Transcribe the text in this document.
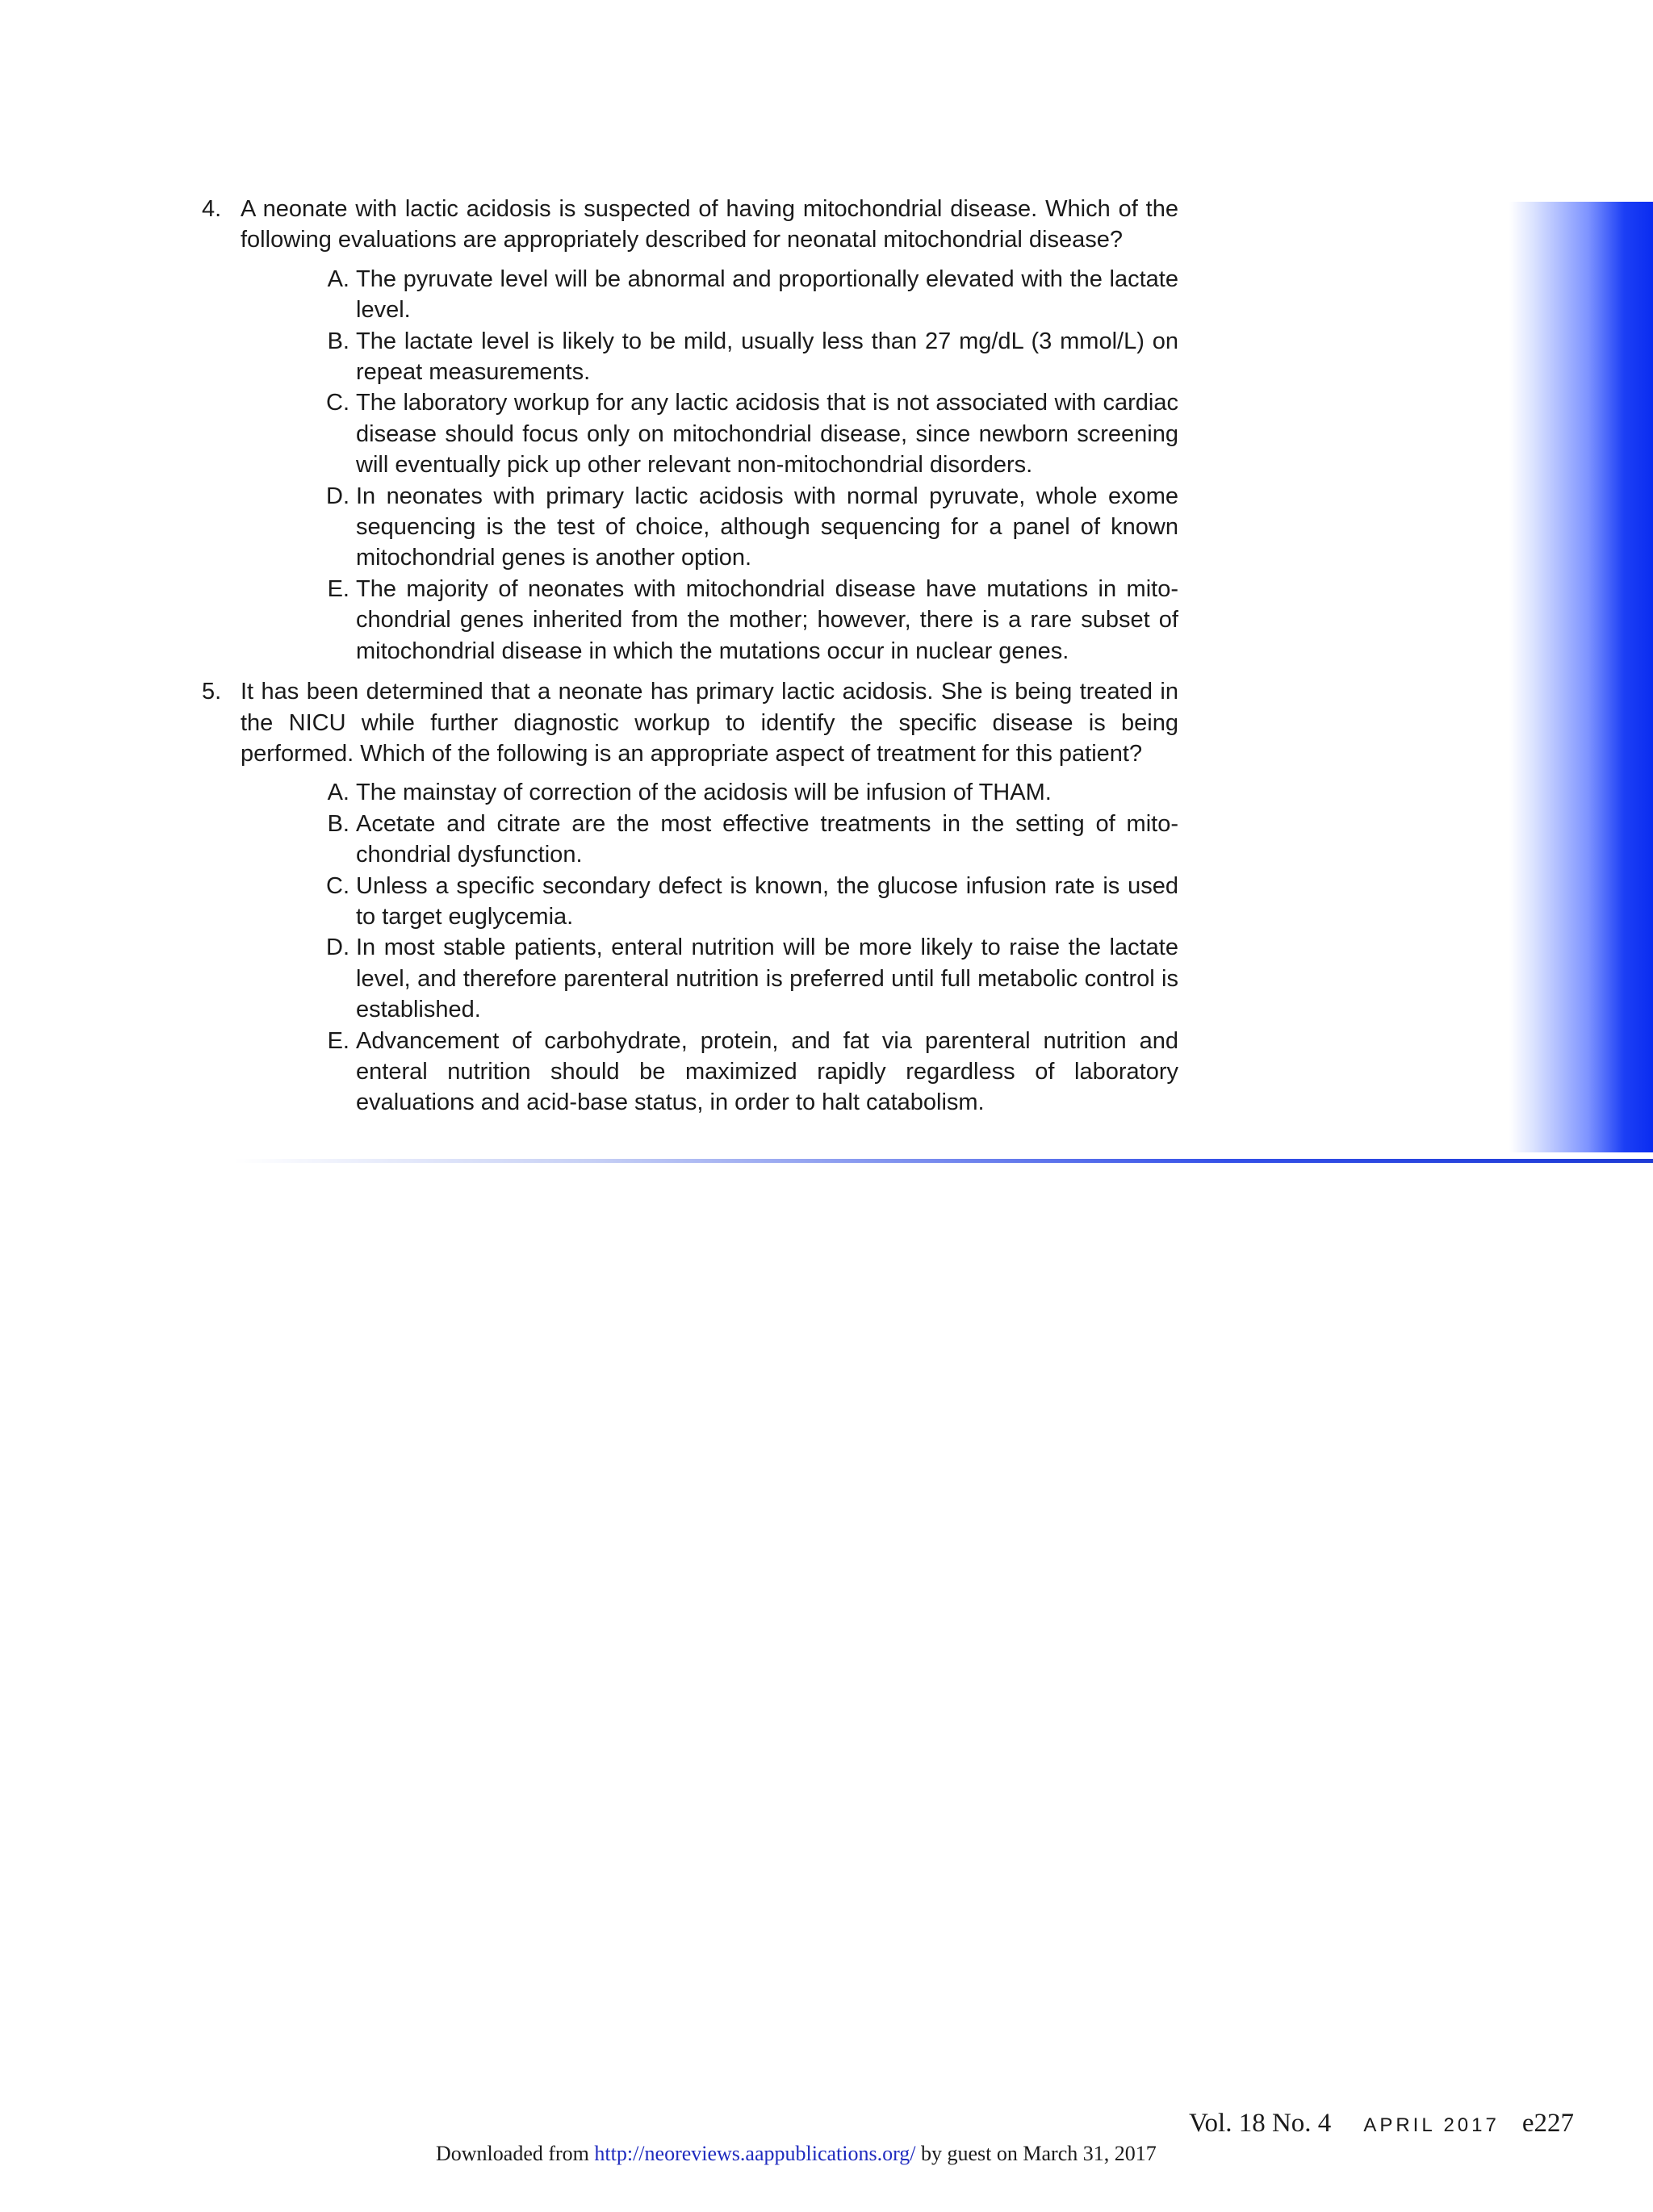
4. A neonate with lactic acidosis is suspected of having mitochondrial disease. Which of the following evaluations are appropriately described for neonatal mitochondrial disease?
A. The pyruvate level will be abnormal and proportionally elevated with the lactate level.
B. The lactate level is likely to be mild, usually less than 27 mg/dL (3 mmol/L) on repeat measurements.
C. The laboratory workup for any lactic acidosis that is not associated with cardiac disease should focus only on mitochondrial disease, since newborn screening will eventually pick up other relevant non-mitochondrial disorders.
D. In neonates with primary lactic acidosis with normal pyruvate, whole exome sequencing is the test of choice, although sequencing for a panel of known mitochondrial genes is another option.
E. The majority of neonates with mitochondrial disease have mutations in mito-chondrial genes inherited from the mother; however, there is a rare subset of mitochondrial disease in which the mutations occur in nuclear genes.
5. It has been determined that a neonate has primary lactic acidosis. She is being treated in the NICU while further diagnostic workup to identify the specific disease is being performed. Which of the following is an appropriate aspect of treatment for this patient?
A. The mainstay of correction of the acidosis will be infusion of THAM.
B. Acetate and citrate are the most effective treatments in the setting of mito-chondrial dysfunction.
C. Unless a specific secondary defect is known, the glucose infusion rate is used to target euglycemia.
D. In most stable patients, enteral nutrition will be more likely to raise the lactate level, and therefore parenteral nutrition is preferred until full metabolic control is established.
E. Advancement of carbohydrate, protein, and fat via parenteral nutrition and enteral nutrition should be maximized rapidly regardless of laboratory evaluations and acid-base status, in order to halt catabolism.
Vol. 18 No. 4 APRIL 2017 e227
Downloaded from http://neoreviews.aappublications.org/ by guest on March 31, 2017
